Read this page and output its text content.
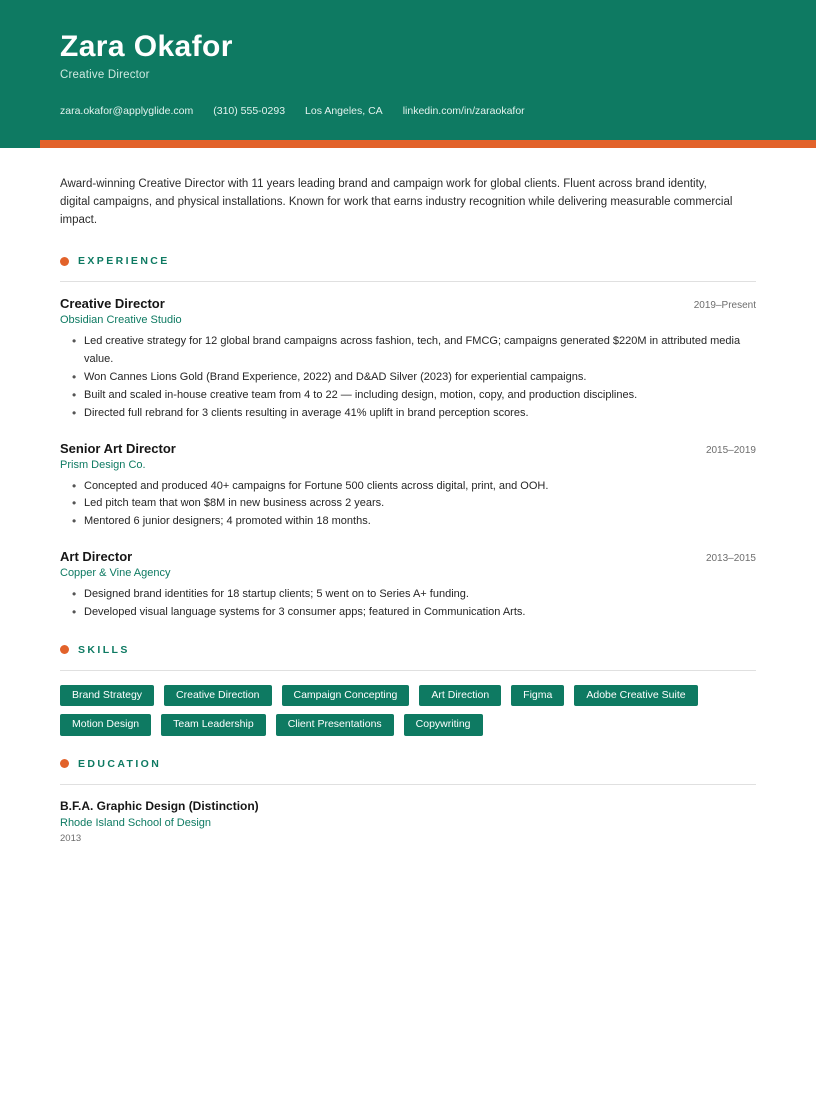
Zara Okafor
Creative Director
zara.okafor@applyglide.com (310) 555-0293 Los Angeles, CA linkedin.com/in/zaraokafor

Award-winning Creative Director with 11 years leading brand and campaign work for global clients. Fluent across brand identity, digital campaigns, and physical installations. Known for work that earns industry recognition while delivering measurable commercial impact.

EXPERIENCE
Creative Director	2019–Present
Obsidian Creative Studio
• Led creative strategy for 12 global brand campaigns across fashion, tech, and FMCG; campaigns generated $220M in attributed media value.
• Won Cannes Lions Gold (Brand Experience, 2022) and D&AD Silver (2023) for experiential campaigns.
• Built and scaled in-house creative team from 4 to 22 — including design, motion, copy, and production disciplines.
• Directed full rebrand for 3 clients resulting in average 41% uplift in brand perception scores.
Senior Art Director	2015–2019
Prism Design Co.
• Concepted and produced 40+ campaigns for Fortune 500 clients across digital, print, and OOH.
• Led pitch team that won $8M in new business across 2 years.
• Mentored 6 junior designers; 4 promoted within 18 months.
Art Director	2013–2015
Copper & Vine Agency
• Designed brand identities for 18 startup clients; 5 went on to Series A+ funding.
• Developed visual language systems for 3 consumer apps; featured in Communication Arts.
SKILLS
Brand Strategy	Creative Direction	Campaign Concepting	Art Direction	Figma	Adobe Creative Suite
Motion Design	Team Leadership	Client Presentations	Copywriting
EDUCATION
B.F.A. Graphic Design (Distinction)
Rhode Island School of Design
2013
